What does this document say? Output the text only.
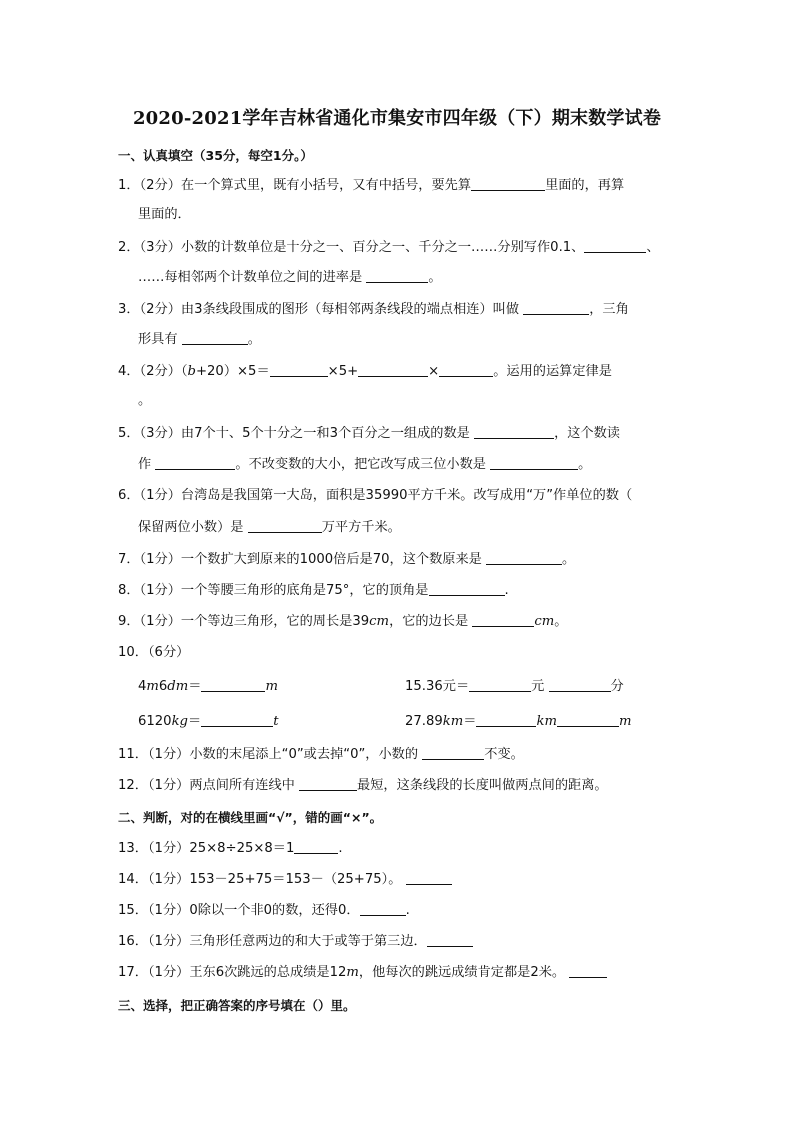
2020-2021学年吉林省通化市集安市四年级（下）期末数学试卷
一、认真填空（35分，每空1分。）
1．（2分）在一个算式里，既有小括号，又有中括号，要先算	里面的，再算
里面的．
2．（3分）小数的计数单位是十分之一、百分之一、千分之一……分别写作0.1、	、
……每相邻两个计数单位之间的进率是	。
3．（2分）由3条线段围成的图形（每相邻两条线段的端点相连）叫做	，三角
形具有	。
4．（2分）（b+20）×5＝	×5+	×	。运用的运算定律是
。
5．（3分）由7个十、5个十分之一和3个百分之一组成的数是	，这个数读
作	。不改变数的大小，把它改写成三位小数是	。
6．（1分）台湾岛是我国第一大岛，面积是35990平方千米。改写成用“万”作单位的数（
保留两位小数）是	万平方千米。
7．（1分）一个数扩大到原来的1000倍后是70，这个数原来是	。
8．（1分）一个等腰三角形的底角是75°，它的顶角是	.
9．（1分）一个等边三角形，它的周长是39cm，它的边长是	cm。
10．（6分）
4m6dm＝	m	15.36元＝	元	分
6120kg＝	t	27.89km＝	km	m
11．（1分）小数的末尾添上“0”或去掉“0”，小数的	不变。
12．（1分）两点间所有连线中	最短，这条线段的长度叫做两点间的距离。
二、判断，对的在横线里画“√”，错的画“×”。
13．（1分）25×8÷25×8＝1	.
14．（1分）153－25+75＝153－（25+75）。
15．（1分）0除以一个非0的数，还得0．	.
16．（1分）三角形任意两边的和大于或等于第三边．
17．（1分）王东6次跳远的总成绩是12m，他每次的跳远成绩肯定都是2米。
三、选择，把正确答案的序号填在（）里。
